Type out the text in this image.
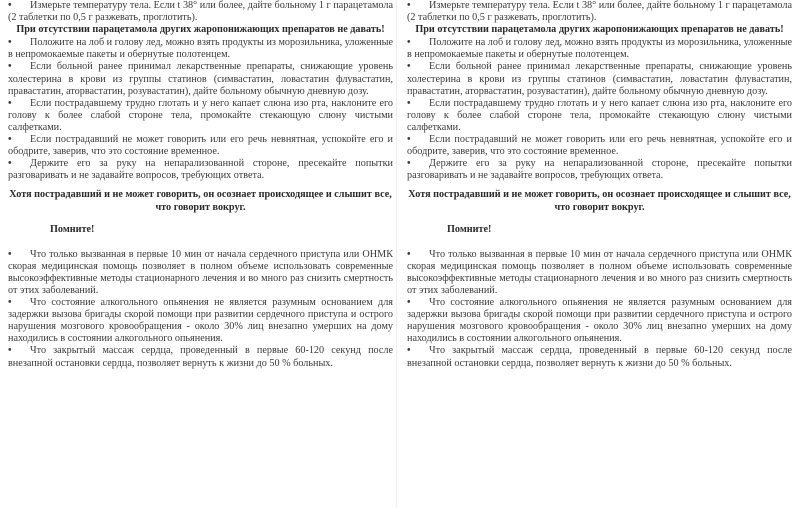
• Измерьте температуру тела. Если t 38° или более, дайте больному 1 г парацетамола (2 таблетки по 0,5 г разжевать, проглотить).

При отсутствии парацетамола других жаропонижающих препаратов не давать!

• Положите на лоб и голову лед, можно взять продукты из морозильника, уложенные в непромокаемые пакеты и обернутые полотенцем.

• Если больной ранее принимал лекарственные препараты, снижающие уровень холестерина в крови из группы статинов (симвастатин, ловастатин флувастатин, правастатин, аторвастатин, розувастатин), дайте больному обычную дневную дозу.

• Если пострадавшему трудно глотать и у него капает слюна изо рта, наклоните его голову к более слабой стороне тела, промокайте стекающую слюну чистыми салфетками.

• Если пострадавший не может говорить или его речь невнятная, успокойте его и ободрите, заверив, что это состояние временное.

• Держите его за руку на непарализованной стороне, пресекайте попытки разговаривать и не задавайте вопросов, требующих ответа.

Хотя пострадавший и не может говорить, он осознает происходящее и слышит все, что говорит вокруг.

Помните!

• Что только вызванная в первые 10 мин от начала сердечного приступа или ОНМК скорая медицинская помощь позволяет в полном объеме использовать современные высокоэффективные методы стационарного лечения и во много раз снизить смертность от этих заболеваний.

• Что состояние алкогольного опьянения не является разумным основанием для задержки вызова бригады скорой помощи при развитии сердечного приступа и острого нарушения мозгового кровообращения - около 30% лиц внезапно умерших на дому находились в состоянии алкогольного опьянения.

• Что закрытый массаж сердца, проведенный в первые 60-120 секунд после внезапной остановки сердца, позволяет вернуть к жизни до 50 % больных.

• Измерьте температуру тела. Если t 38° или более, дайте больному 1 г парацетамола (2 таблетки по 0,5 г разжевать, проглотить).

При отсутствии парацетамола других жаропонижающих препаратов не давать!

• Положите на лоб и голову лед, можно взять продукты из морозильника, уложенные в непромокаемые пакеты и обернутые полотенцем.

• Если больной ранее принимал лекарственные препараты, снижающие уровень холестерина в крови из группы статинов (симвастатин, ловастатин флувастатин, правастатин, аторвастатин, розувастатин), дайте больному обычную дневную дозу.

• Если пострадавшему трудно глотать и у него капает слюна изо рта, наклоните его голову к более слабой стороне тела, промокайте стекающую слюну чистыми салфетками.

• Если пострадавший не может говорить или его речь невнятная, успокойте его и ободрите, заверив, что это состояние временное.

• Держите его за руку на непарализованной стороне, пресекайте попытки разговаривать и не задавайте вопросов, требующих ответа.

Хотя пострадавший и не может говорить, он осознает происходящее и слышит все, что говорит вокруг.

Помните!

• Что только вызванная в первые 10 мин от начала сердечного приступа или ОНМК скорая медицинская помощь позволяет в полном объеме использовать современные высокоэффективные методы стационарного лечения и во много раз снизить смертность от этих заболеваний.

• Что состояние алкогольного опьянения не является разумным основанием для задержки вызова бригады скорой помощи при развитии сердечного приступа и острого нарушения мозгового кровообращения - около 30% лиц внезапно умерших на дому находились в состоянии алкогольного опьянения.

• Что закрытый массаж сердца, проведенный в первые 60-120 секунд после внезапной остановки сердца, позволяет вернуть к жизни до 50 % больных.
